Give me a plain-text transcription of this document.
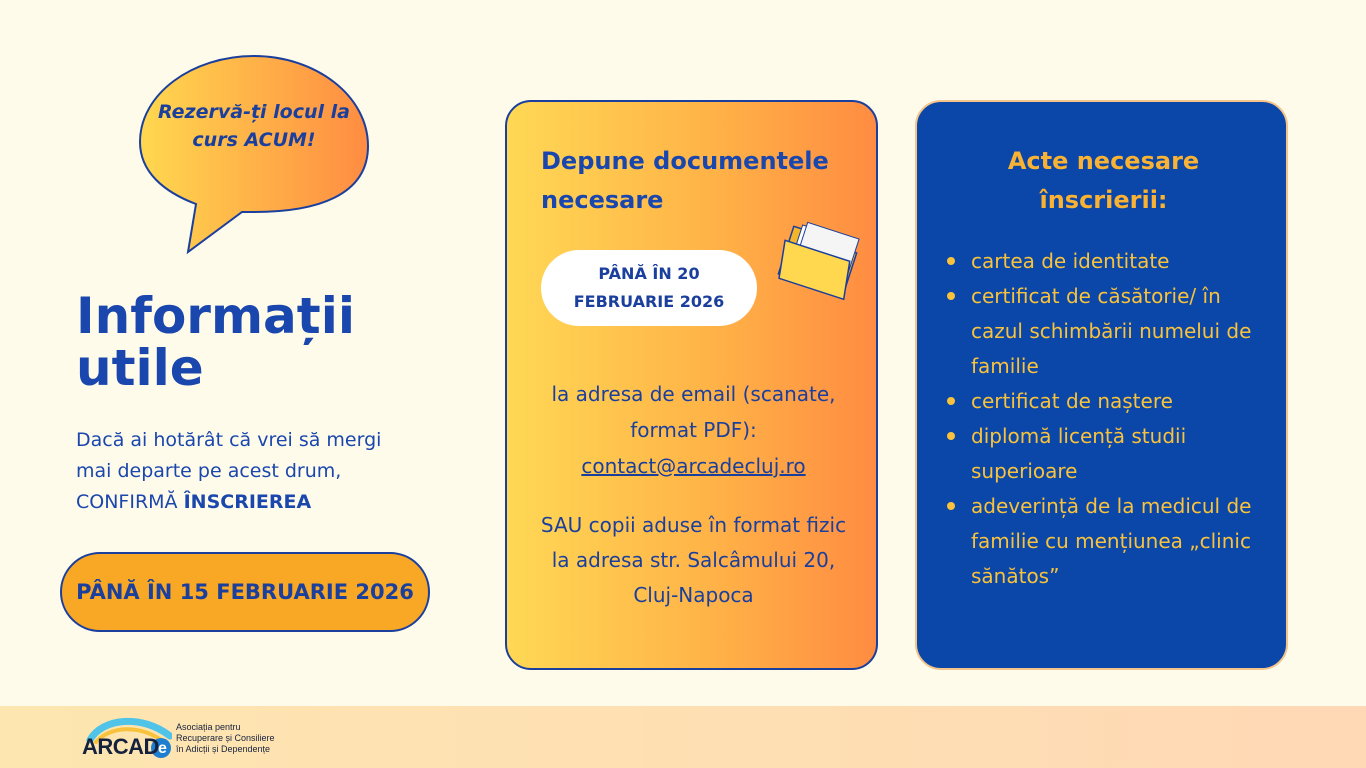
Rezervă-ți locul la
curs ACUM!
Informații
utile
Dacă ai hotărât că vrei să mergi
mai departe pe acest drum,
CONFIRMĂ ÎNSCRIEREA
PÂNĂ ÎN 15 FEBRUARIE 2026
Depune documentele
necesare
PÂNĂ ÎN 20
FEBRUARIE 2026
la adresa de email (scanate,
format PDF):
contact@arcadecluj.ro
SAU copii aduse în format fizic
la adresa str. Salcâmului 20,
Cluj-Napoca
Acte necesare
înscrierii:
cartea de identitate
certificat de căsătorie/ în cazul schimbării numelui de familie
certificat de naștere
diplomă licență studii superioare
adeverință de la medicul de familie cu mențiunea „clinic sănătos”
ARCAD e
Asociația pentru
Recuperare și Consiliere
în Adicții și Dependențe
